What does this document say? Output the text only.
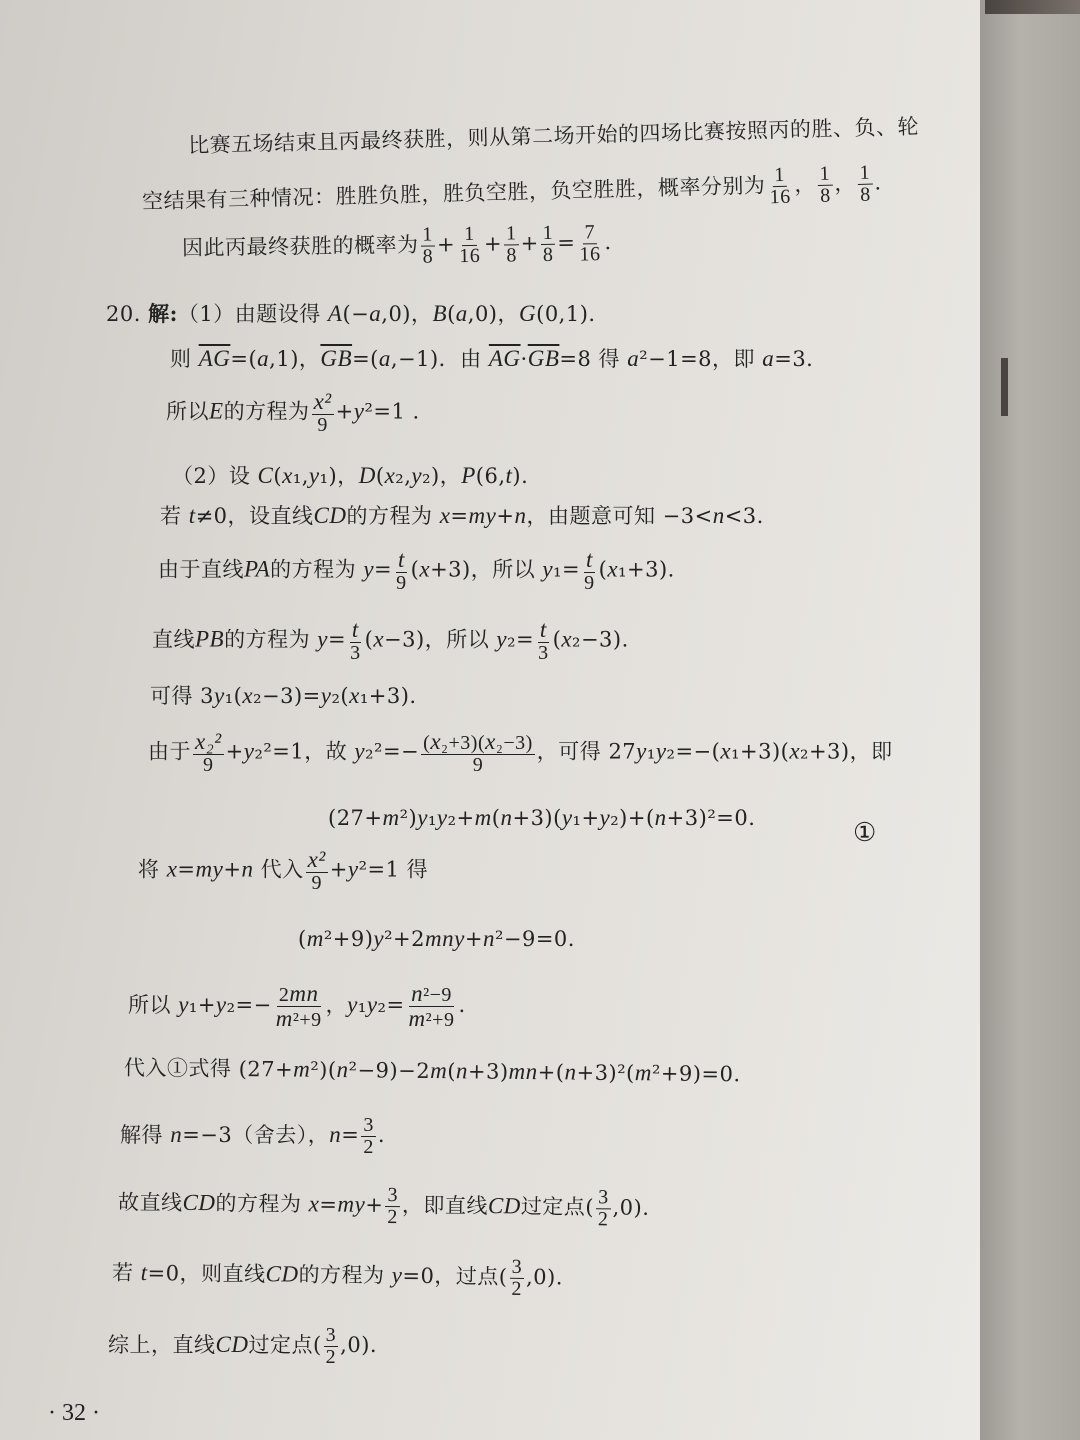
比赛五场结束且丙最终获胜，则从第二场开始的四场比赛按照丙的胜、负、轮
空结果有三种情况：胜胜负胜，胜负空胜，负空胜胜，概率分别为 $\frac{1}{16}$ ， $\frac{1}{8}$ ， $\frac{1}{8}$ .
因此丙最终获胜的概率为 $\frac{1}{8} + \frac{1}{16} + \frac{1}{8} + \frac{1}{8} = \frac{7}{16}$ .
20. 解:（1）由题设得 A(−a,0)，B(a,0)，G(0,1).
则 $\overline{AG}=(a,1)$，$\overline{GB}=(a,-1)$．由 $\overline{AG}\cdot\overline{GB}=8$ 得 a²−1=8，即 a=3.
所以E的方程为 $\frac{\text{x²}}{9} +y^2=1$ .
（2）设 C(x₁,y₁)，D(x₂,y₂)，P(6,t).
若 t≠0，设直线CD的方程为 x=my+n，由题意可知 −3<n<3.
由于直线PA的方程为 $y= \frac{t}{9} (x+3)$，所以 $y_1= \frac{t}{9} (x_1+3)$.
直线PB的方程为 $y= \frac{t}{3} (x-3)$，所以 $y_2= \frac{t}{3} (x_2-3)$.
可得 3y₁(x₂−3)=y₂(x₁+3).
由于 $\frac{\text{x₂²}}{9} +y_2^2=1$，故 $y_2^2=- \frac{\text{(x₂+3)(x₂−3)}}{9}$ ，可得 27y₁y₂=−(x₁+3)(x₂+3)，即
(27+m²)y₁y₂+m(n+3)(y₁+y₂)+(n+3)²=0.	①
将 x=my+n 代入 $\frac{\text{x²}}{9} +y^2=1$ 得
(m²+9)y²+2mny+n²−9=0.
所以 $y_1+y_2=- \frac{2mn}{\text{m²+9}}$ ，$y_1y_2= \frac{\text{n²−9}}{\text{m²+9}}$ .
代入①式得 (27+m²)(n²−9)−2m(n+3)mn+(n+3)²(m²+9)=0.
解得 n=−3（舍去），$n= \frac{3}{2}$ .
故直线CD的方程为 $x=my+ \frac{3}{2}$ ，即直线CD过定点( $\frac{3}{2} ,0$).
若 t=0，则直线CD的方程为 y=0，过点( $\frac{3}{2} ,0$).
综上，直线CD过定点( $\frac{3}{2} ,0$).
· 32 ·
